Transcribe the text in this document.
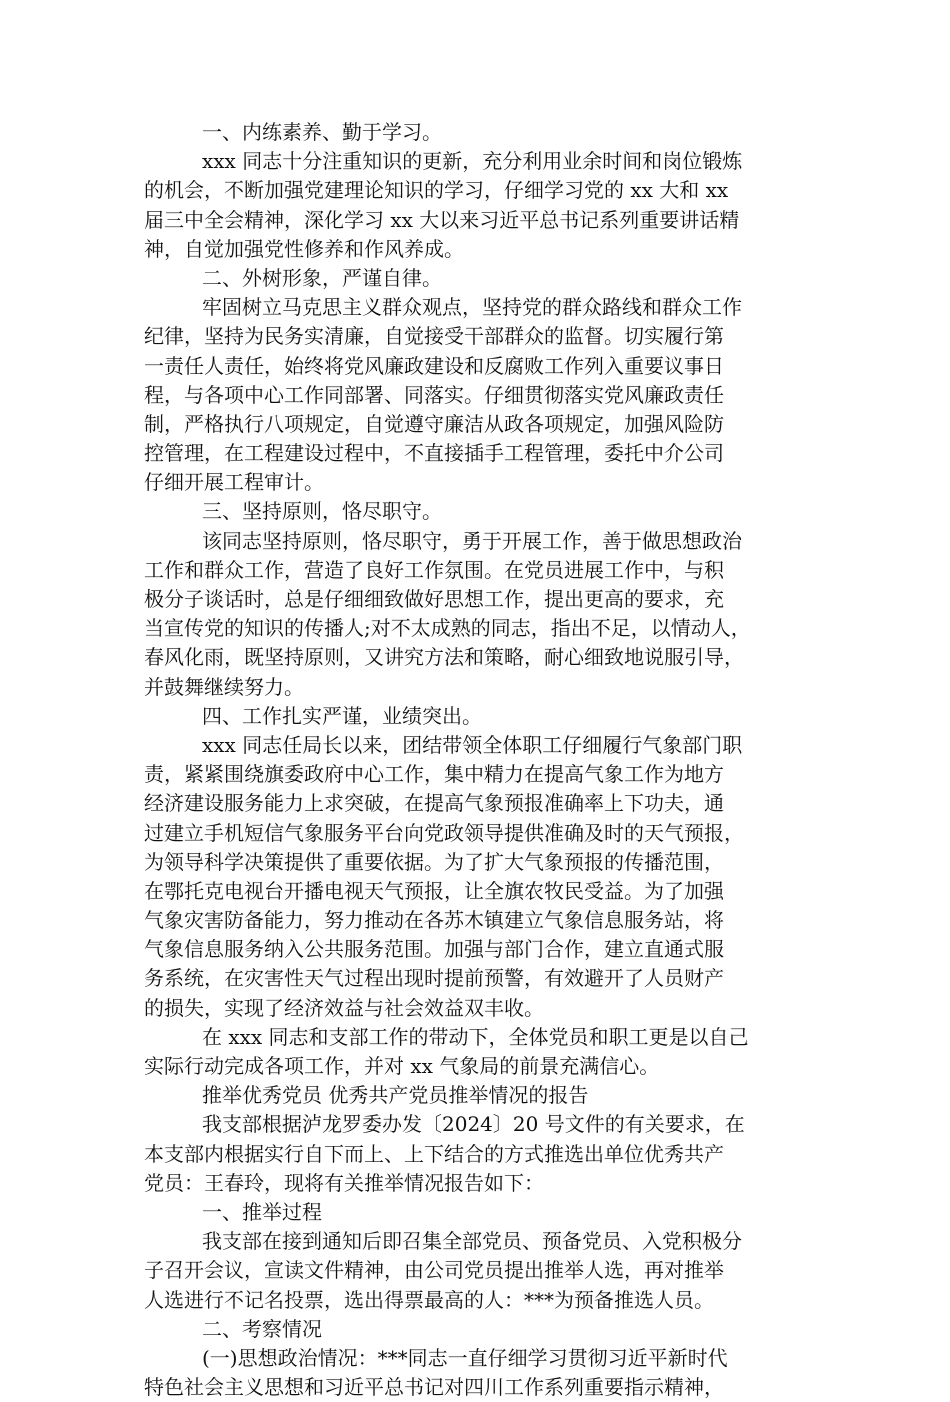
一、内练素养、勤于学习。
xxx 同志十分注重知识的更新，充分利用业余时间和岗位锻炼
的机会，不断加强党建理论知识的学习，仔细学习党的 xx 大和 xx
届三中全会精神，深化学习 xx 大以来习近平总书记系列重要讲话精
神，自觉加强党性修养和作风养成。
二、外树形象，严谨自律。
牢固树立马克思主义群众观点，坚持党的群众路线和群众工作
纪律，坚持为民务实清廉，自觉接受干部群众的监督。切实履行第
一责任人责任，始终将党风廉政建设和反腐败工作列入重要议事日
程，与各项中心工作同部署、同落实。仔细贯彻落实党风廉政责任
制，严格执行八项规定，自觉遵守廉洁从政各项规定，加强风险防
控管理，在工程建设过程中，不直接插手工程管理，委托中介公司
仔细开展工程审计。
三、坚持原则，恪尽职守。
该同志坚持原则，恪尽职守，勇于开展工作，善于做思想政治
工作和群众工作，营造了良好工作氛围。在党员进展工作中，与积
极分子谈话时，总是仔细细致做好思想工作，提出更高的要求，充
当宣传党的知识的传播人;对不太成熟的同志，指出不足，以情动人，
春风化雨，既坚持原则，又讲究方法和策略，耐心细致地说服引导，
并鼓舞继续努力。
四、工作扎实严谨，业绩突出。
xxx 同志任局长以来，团结带领全体职工仔细履行气象部门职
责，紧紧围绕旗委政府中心工作，集中精力在提高气象工作为地方
经济建设服务能力上求突破，在提高气象预报准确率上下功夫，通
过建立手机短信气象服务平台向党政领导提供准确及时的天气预报，
为领导科学决策提供了重要依据。为了扩大气象预报的传播范围，
在鄂托克电视台开播电视天气预报，让全旗农牧民受益。为了加强
气象灾害防备能力，努力推动在各苏木镇建立气象信息服务站，将
气象信息服务纳入公共服务范围。加强与部门合作，建立直通式服
务系统，在灾害性天气过程出现时提前预警，有效避开了人员财产
的损失，实现了经济效益与社会效益双丰收。
在 xxx 同志和支部工作的带动下，全体党员和职工更是以自己
实际行动完成各项工作，并对 xx 气象局的前景充满信心。
推举优秀党员 优秀共产党员推举情况的报告
我支部根据泸龙罗委办发〔2024〕20 号文件的有关要求，在
本支部内根据实行自下而上、上下结合的方式推选出单位优秀共产
党员：王春玲，现将有关推举情况报告如下：
一、推举过程
我支部在接到通知后即召集全部党员、预备党员、入党积极分
子召开会议，宣读文件精神，由公司党员提出推举人选，再对推举
人选进行不记名投票，选出得票最高的人：***为预备推选人员。
二、考察情况
(一)思想政治情况：***同志一直仔细学习贯彻习近平新时代
特色社会主义思想和习近平总书记对四川工作系列重要指示精神，
